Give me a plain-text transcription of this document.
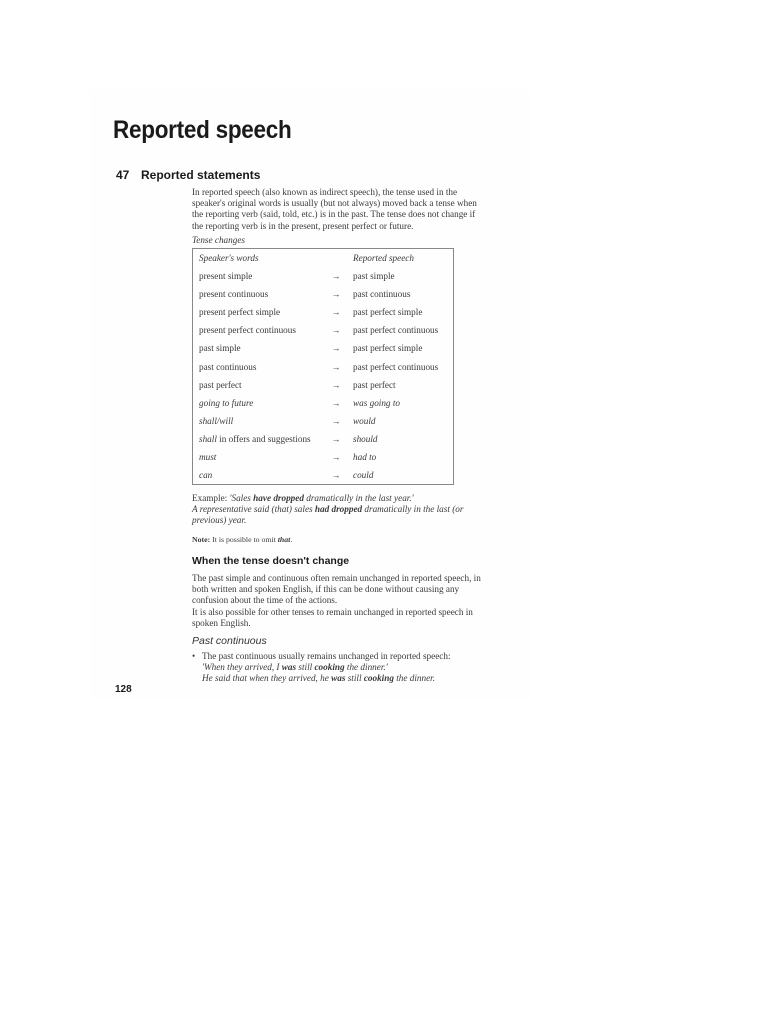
Reported speech
47 Reported statements

In reported speech (also known as indirect speech), the tense used in the

speaker's original words is usually (but not always) moved back a tense when

the reporting verb (said, told, etc.) is in the past. The tense does not change if

the reporting verb is in the present, present perfect or future.

Tense changes
Speaker's words		Reported speech
present simple	→	past simple
present continuous	→	past continuous
present perfect simple	→	past perfect simple
present perfect continuous	→	past perfect continuous
past simple	→	past perfect simple
past continuous	→	past perfect continuous
past perfect	→	past perfect
going to future	→	was going to
shall/will	→	would
shall in offers and suggestions	→	should
must	→	had to
can	→	could

Example: 'Sales have dropped dramatically in the last year.'

A representative said (that) sales had dropped dramatically in the last (or

previous) year.

Note: It is possible to omit that.
When the tense doesn't change

The past simple and continuous often remain unchanged in reported speech, in

both written and spoken English, if this can be done without causing any

confusion about the time of the actions.

It is also possible for other tenses to remain unchanged in reported speech in

spoken English.

Past continuous
• The past continuous usually remains unchanged in reported speech:
'When they arrived, I was still cooking the dinner.'
He said that when they arrived, he was still cooking the dinner.
128
